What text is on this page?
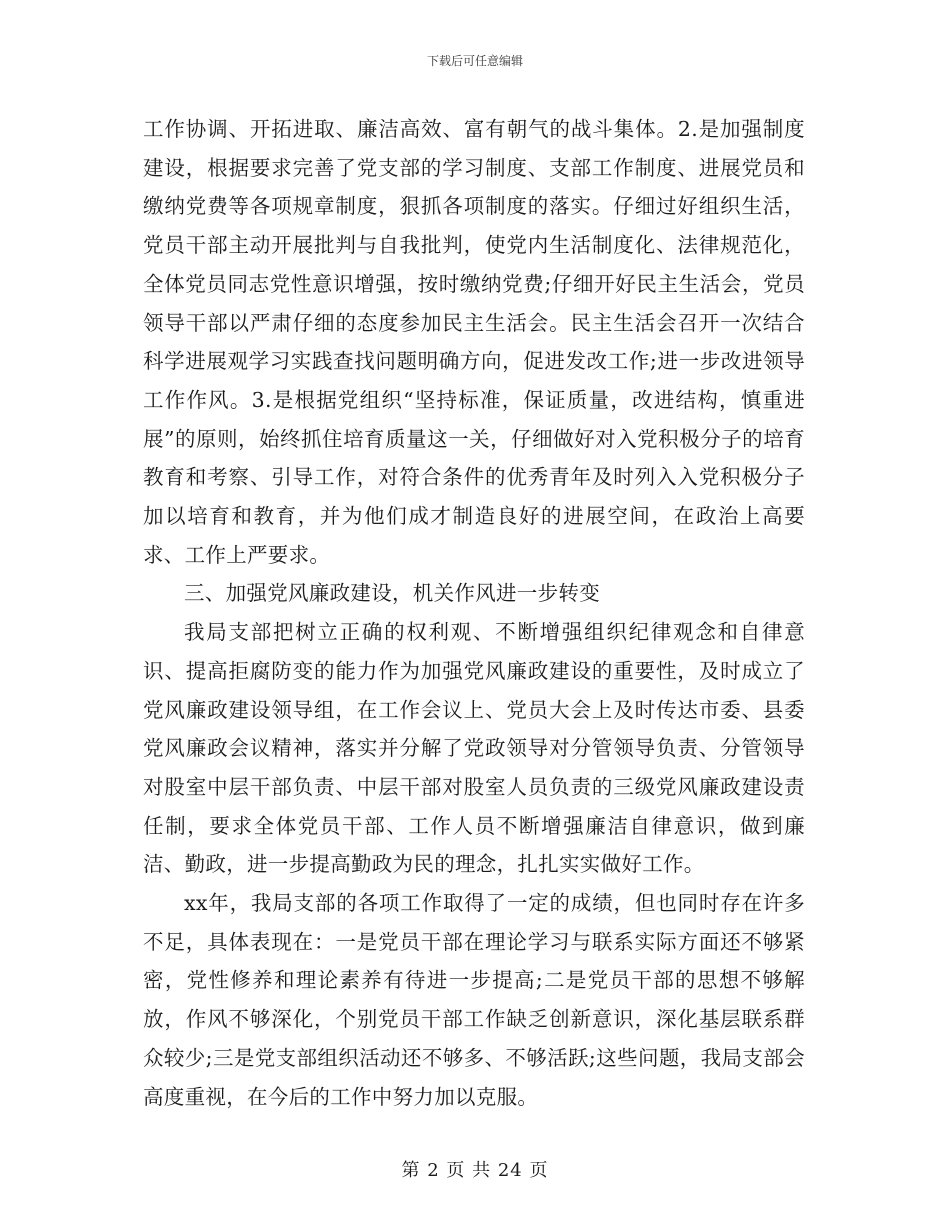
下载后可任意编辑

工作协调、开拓进取、廉洁高效、富有朝气的战斗集体。2.是加强制度建设，根据要求完善了党支部的学习制度、支部工作制度、进展党员和缴纳党费等各项规章制度，狠抓各项制度的落实。仔细过好组织生活，党员干部主动开展批判与自我批判，使党内生活制度化、法律规范化，全体党员同志党性意识增强，按时缴纳党费;仔细开好民主生活会，党员领导干部以严肃仔细的态度参加民主生活会。民主生活会召开一次结合科学进展观学习实践查找问题明确方向，促进发改工作;进一步改进领导工作作风。3.是根据党组织“坚持标准，保证质量，改进结构，慎重进展”的原则，始终抓住培育质量这一关，仔细做好对入党积极分子的培育教育和考察、引导工作，对符合条件的优秀青年及时列入入党积极分子加以培育和教育，并为他们成才制造良好的进展空间，在政治上高要求、工作上严要求。

三、加强党风廉政建设，机关作风进一步转变

我局支部把树立正确的权利观、不断增强组织纪律观念和自律意识、提高拒腐防变的能力作为加强党风廉政建设的重要性，及时成立了党风廉政建设领导组，在工作会议上、党员大会上及时传达市委、县委党风廉政会议精神，落实并分解了党政领导对分管领导负责、分管领导对股室中层干部负责、中层干部对股室人员负责的三级党风廉政建设责任制，要求全体党员干部、工作人员不断增强廉洁自律意识，做到廉洁、勤政，进一步提高勤政为民的理念，扎扎实实做好工作。

xx年，我局支部的各项工作取得了一定的成绩，但也同时存在许多不足，具体表现在：一是党员干部在理论学习与联系实际方面还不够紧密，党性修养和理论素养有待进一步提高;二是党员干部的思想不够解放，作风不够深化，个别党员干部工作缺乏创新意识，深化基层联系群众较少;三是党支部组织活动还不够多、不够活跃;这些问题，我局支部会高度重视，在今后的工作中努力加以克服。

第 2 页 共 24 页
